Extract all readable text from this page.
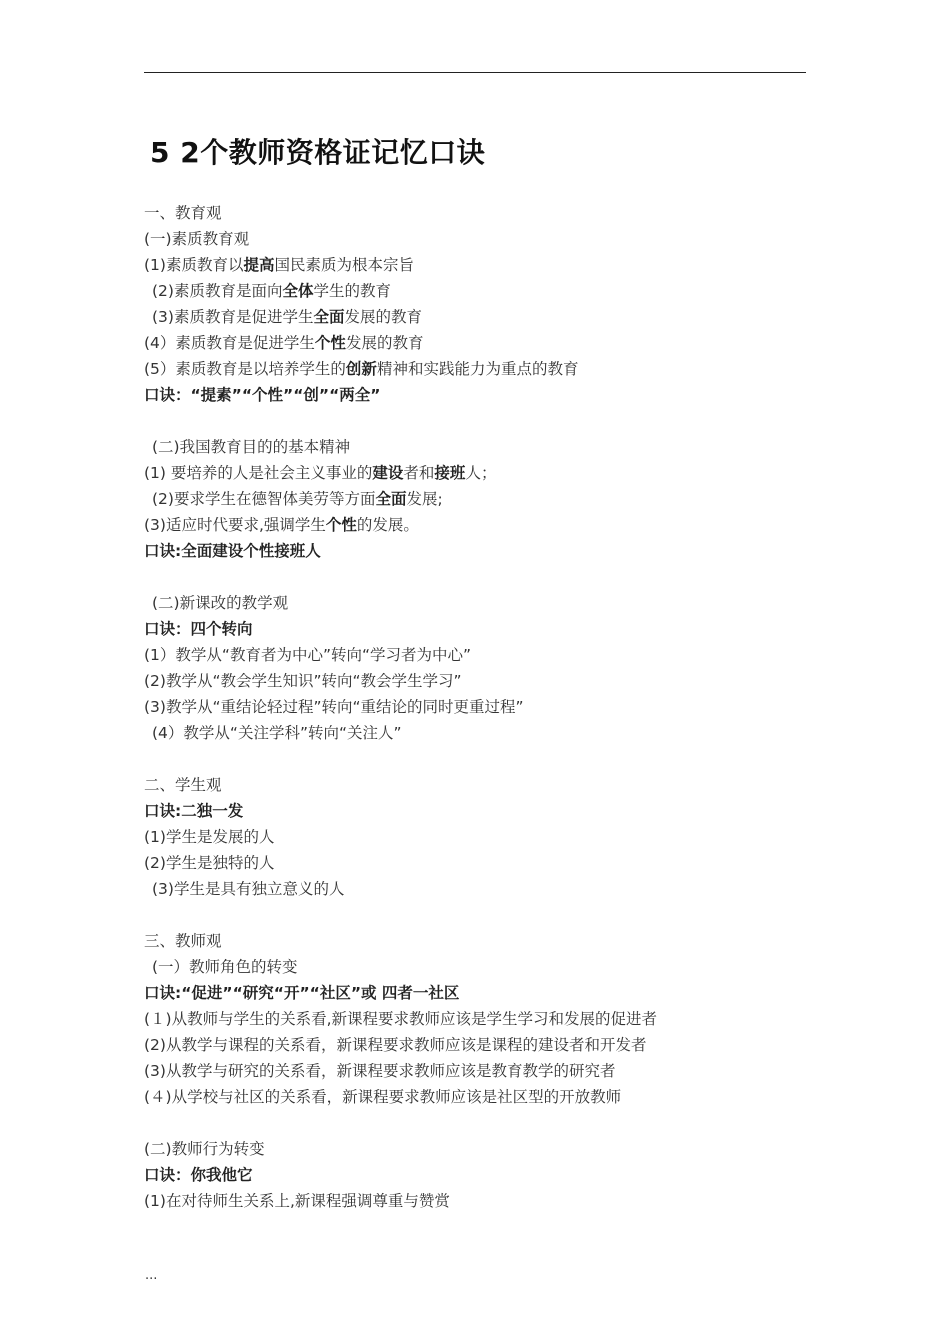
5 2个教师资格证记忆口诀
一、教育观
(一)素质教育观
(1)素质教育以提高国民素质为根本宗旨
(2)素质教育是面向全体学生的教育
(3)素质教育是促进学生全面发展的教育
(4）素质教育是促进学生个性发展的教育
(5）素质教育是以培养学生的创新精神和实践能力为重点的教育
口诀：“提素”“个性”“创”“两全”
(二)我国教育目的的基本精神
(1) 要培养的人是社会主义事业的建设者和接班人；
(2)要求学生在德智体美劳等方面全面发展;
(3)适应时代要求,强调学生个性的发展。
口诀:全面建设个性接班人
(二)新课改的教学观
口诀：四个转向
(1）教学从“教育者为中心”转向“学习者为中心”
(2)教学从“教会学生知识”转向“教会学生学习”
(3)教学从“重结论轻过程”转向“重结论的同时更重过程”
(4）教学从“关注学科”转向“关注人”
二、学生观
口诀:二独一发
(1)学生是发展的人
(2)学生是独特的人
(3)学生是具有独立意义的人
三、教师观
(一）教师角色的转变
口诀:“促进”“研究“开”“社区”或 四者一社区
(１)从教师与学生的关系看,新课程要求教师应该是学生学习和发展的促进者
(2)从教学与课程的关系看，新课程要求教师应该是课程的建设者和开发者
(3)从教学与研究的关系看，新课程要求教师应该是教育教学的研究者
(４)从学校与社区的关系看，新课程要求教师应该是社区型的开放教师
(二)教师行为转变
口诀：你我他它
(1)在对待师生关系上,新课程强调尊重与赞赏
...
